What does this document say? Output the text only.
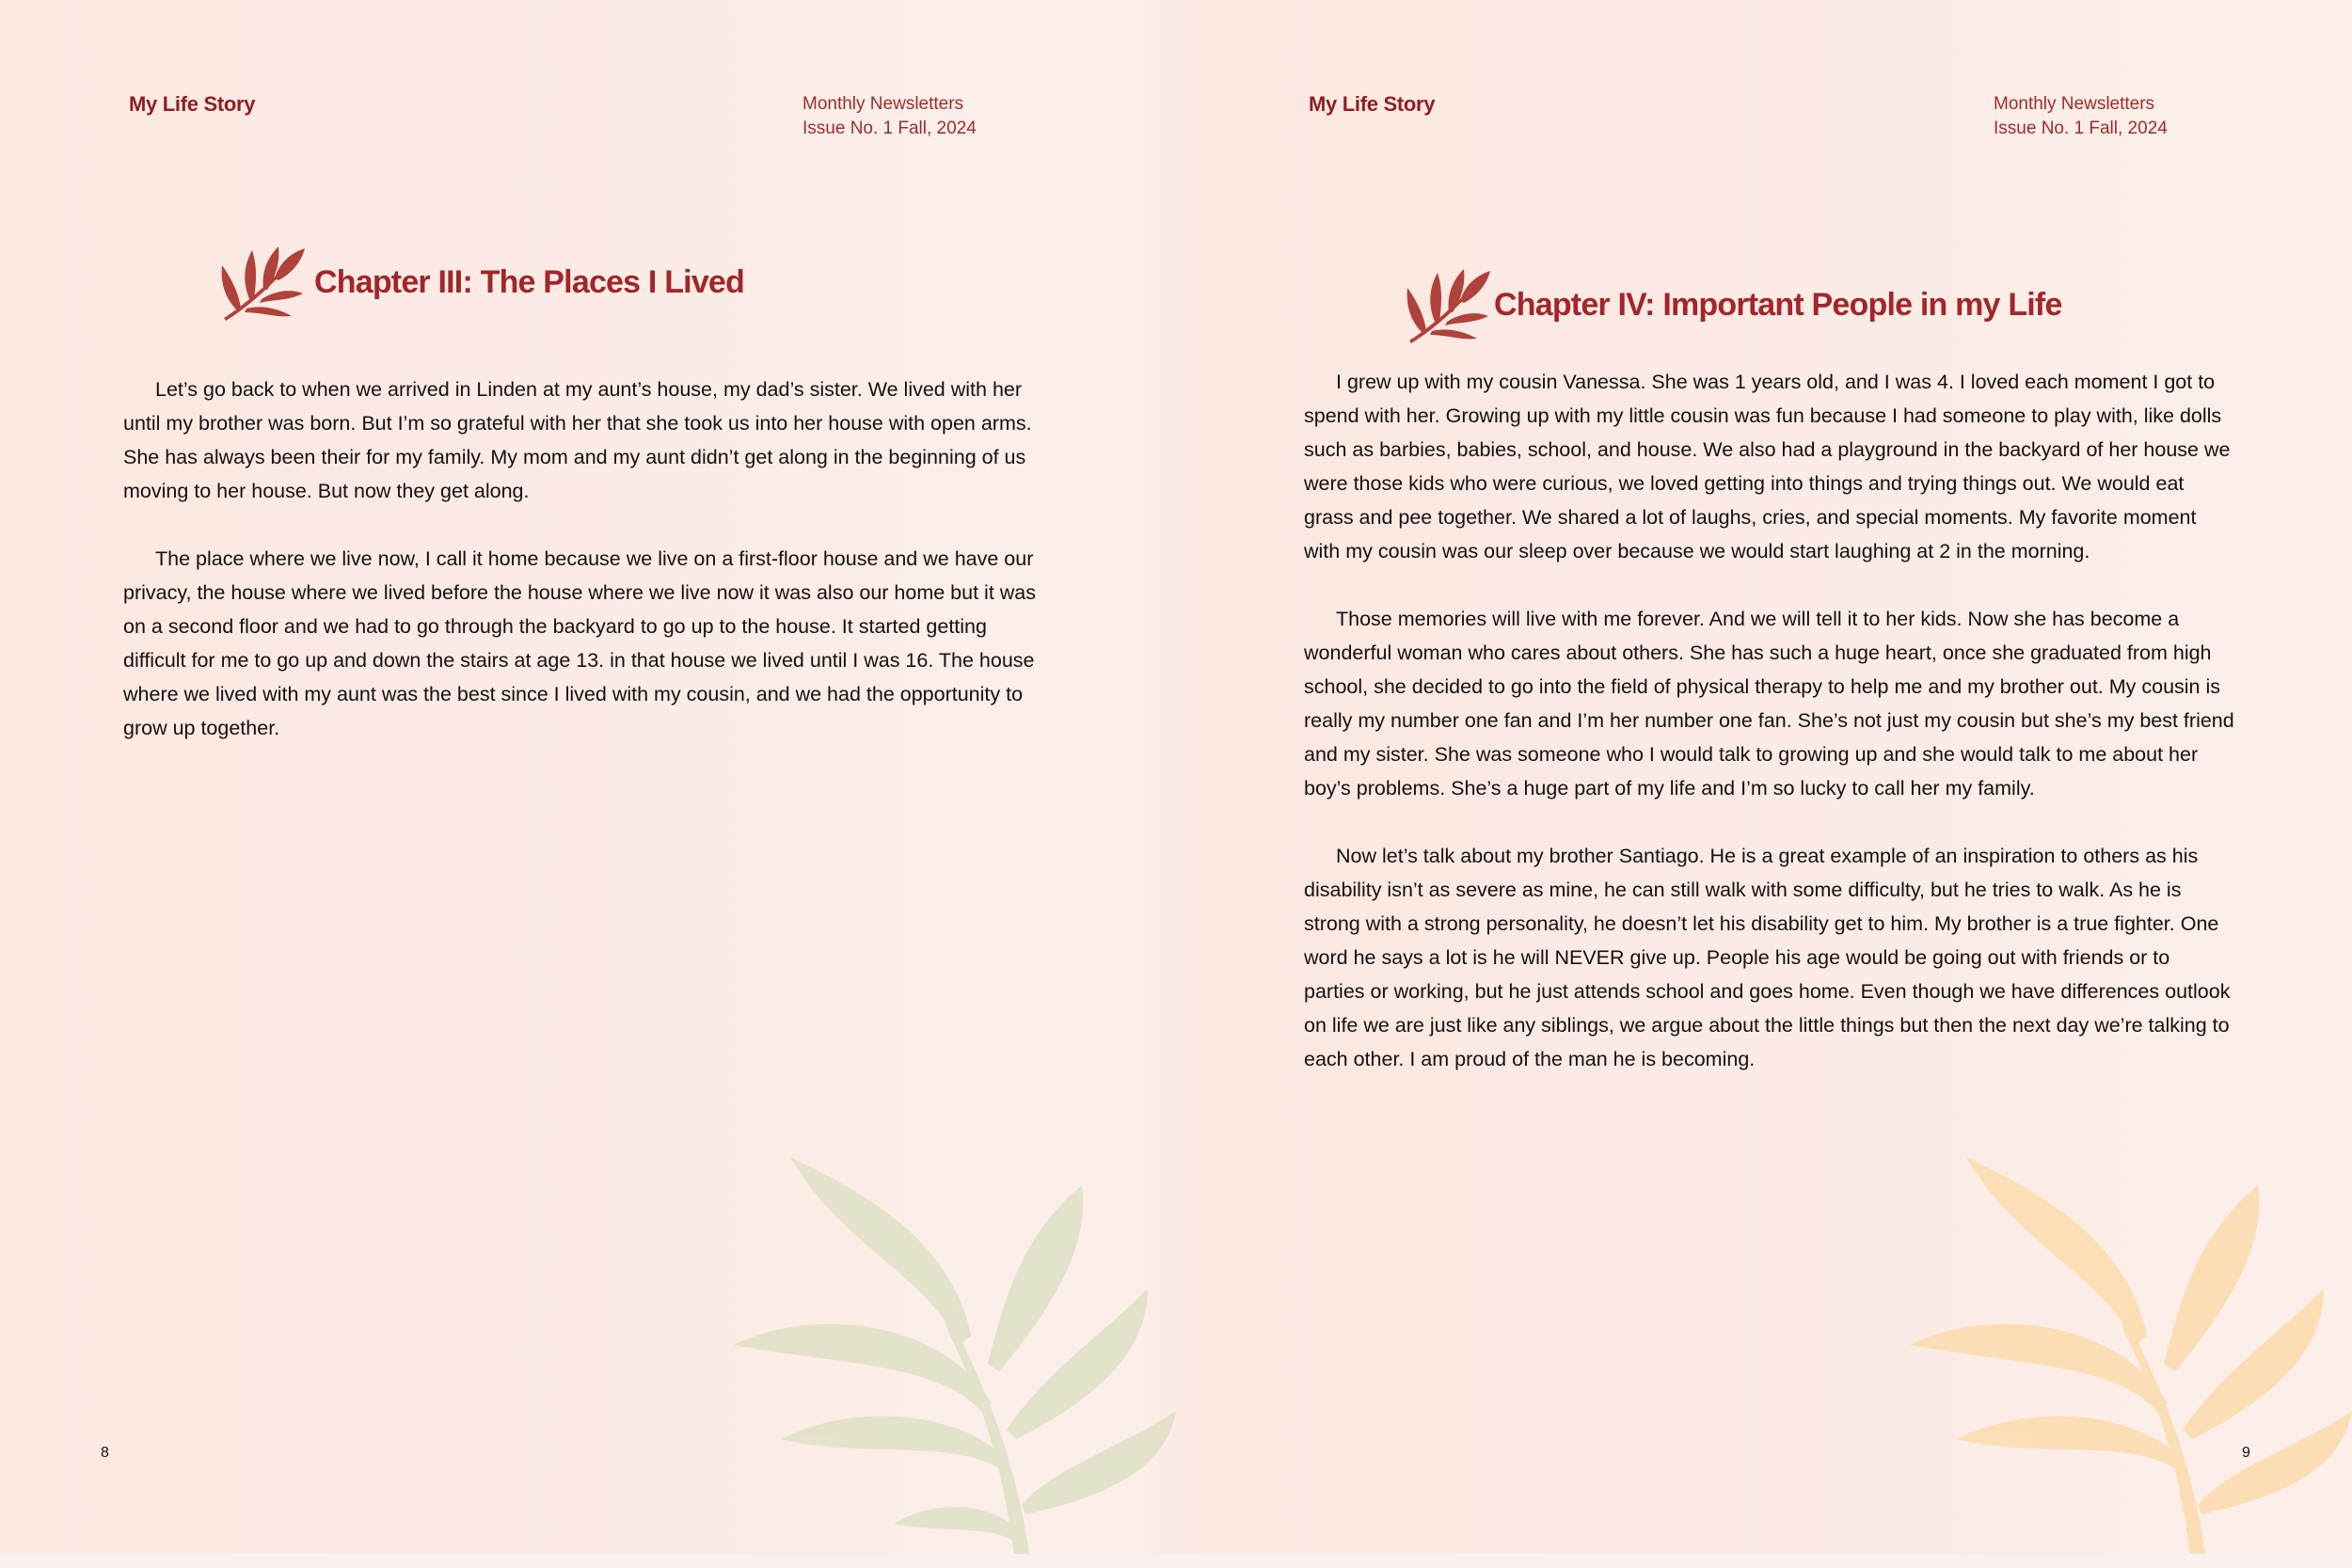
My Life Story	Monthly Newsletters
Issue No. 1 Fall, 2024
Chapter III: The Places I Lived

Let’s go back to when we arrived in Linden at my aunt’s house, my dad’s sister. We lived with her until my brother was born. But I’m so grateful with her that she took us into her house with open arms. She has always been their for my family. My mom and my aunt didn’t get along in the beginning of us moving to her house. But now they get along.

The place where we live now, I call it home because we live on a first-floor house and we have our privacy, the house where we lived before the house where we live now it was also our home but it was on a second floor and we had to go through the backyard to go up to the house. It started getting difficult for me to go up and down the stairs at age 13. in that house we lived until I was 16. The house where we lived with my aunt was the best since I lived with my cousin, and we had the opportunity to grow up together.

8
My Life Story	Monthly Newsletters
Issue No. 1 Fall, 2024
Chapter IV: Important People in my Life

I grew up with my cousin Vanessa. She was 1 years old, and I was 4. I loved each moment I got to spend with her. Growing up with my little cousin was fun because I had someone to play with, like dolls such as barbies, babies, school, and house. We also had a playground in the backyard of her house we were those kids who were curious, we loved getting into things and trying things out. We would eat grass and pee together. We shared a lot of laughs, cries, and special moments. My favorite moment with my cousin was our sleep over because we would start laughing at 2 in the morning.

Those memories will live with me forever. And we will tell it to her kids. Now she has become a wonderful woman who cares about others. She has such a huge heart, once she graduated from high school, she decided to go into the field of physical therapy to help me and my brother out. My cousin is really my number one fan and I’m her number one fan. She’s not just my cousin but she’s my best friend and my sister. She was someone who I would talk to growing up and she would talk to me about her boy’s problems. She’s a huge part of my life and I’m so lucky to call her my family.

Now let’s talk about my brother Santiago. He is a great example of an inspiration to others as his disability isn’t as severe as mine, he can still walk with some difficulty, but he tries to walk. As he is strong with a strong personality, he doesn’t let his disability get to him. My brother is a true fighter. One word he says a lot is he will NEVER give up. People his age would be going out with friends or to parties or working, but he just attends school and goes home. Even though we have differences outlook on life we are just like any siblings, we argue about the little things but then the next day we’re talking to each other. I am proud of the man he is becoming.

9
